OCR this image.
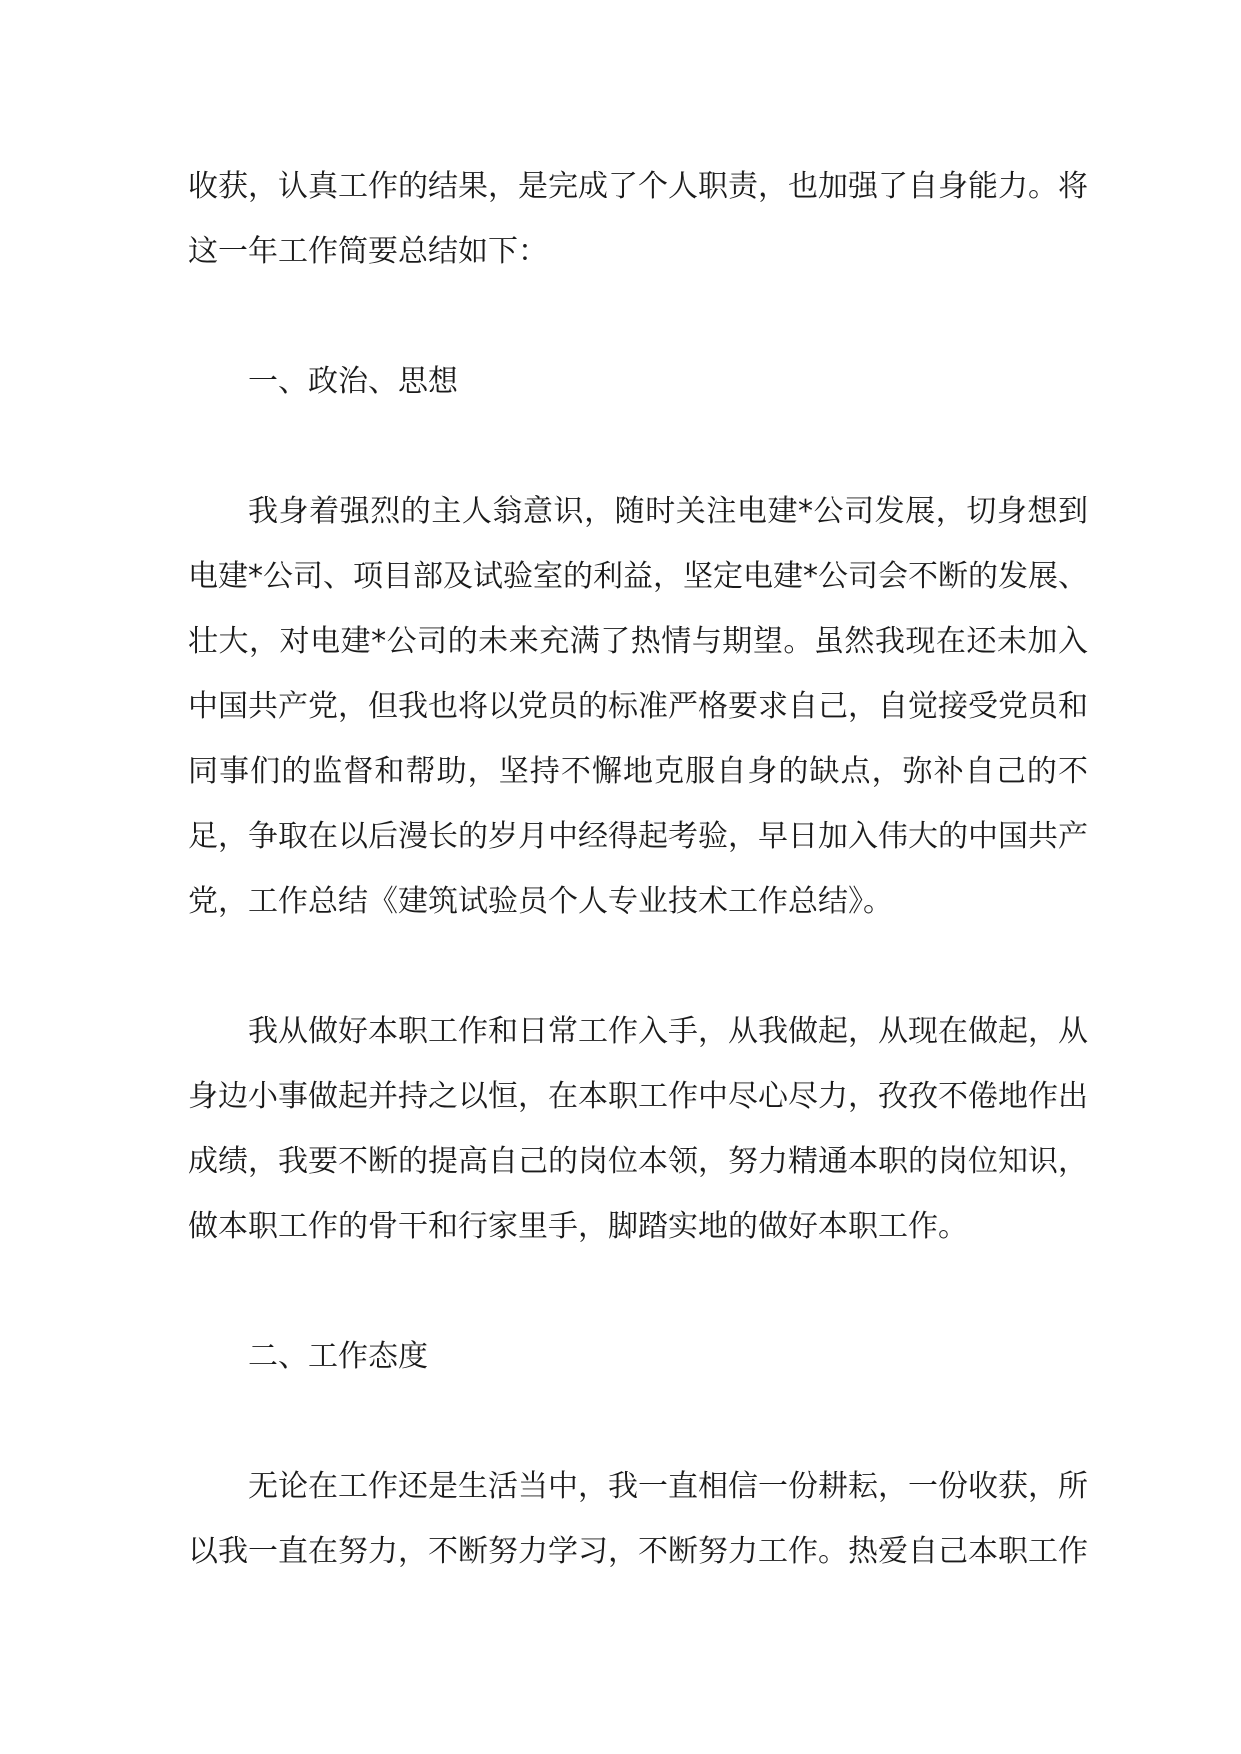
收获，认真工作的结果，是完成了个人职责，也加强了自身能力。将这一年工作简要总结如下：

一、政治、思想

我身着强烈的主人翁意识，随时关注电建*公司发展，切身想到电建*公司、项目部及试验室的利益，坚定电建*公司会不断的发展、壮大，对电建*公司的未来充满了热情与期望。虽然我现在还未加入中国共产党，但我也将以党员的标准严格要求自己，自觉接受党员和同事们的监督和帮助，坚持不懈地克服自身的缺点，弥补自己的不足，争取在以后漫长的岁月中经得起考验，早日加入伟大的中国共产党，工作总结《建筑试验员个人专业技术工作总结》。

我从做好本职工作和日常工作入手，从我做起，从现在做起，从身边小事做起并持之以恒，在本职工作中尽心尽力，孜孜不倦地作出成绩，我要不断的提高自己的岗位本领，努力精通本职的岗位知识，做本职工作的骨干和行家里手，脚踏实地的做好本职工作。

二、工作态度

无论在工作还是生活当中，我一直相信一份耕耘，一份收获，所以我一直在努力，不断努力学习，不断努力工作。热爱自己本职工作
